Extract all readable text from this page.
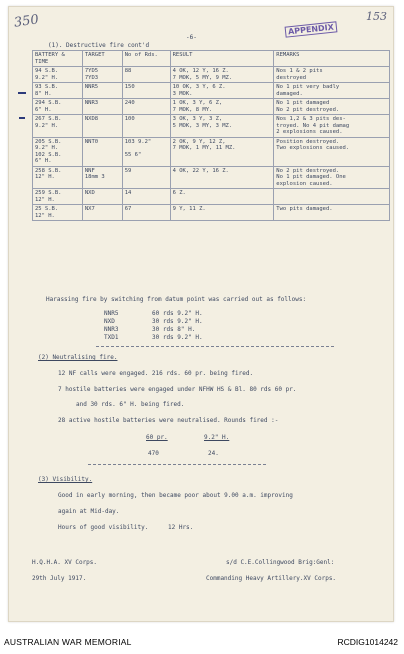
350	153
APPENDIX
(1). Destructive fire cont'd
-6-
BATTERY & TIME	TARGET	No of Rds.	RESULT	REMARKS

94 S.B.
9.2" H.	7YD5
7YD3	88	4 OK, 12 Y, 16 Z.
7 MOK, 5 MY, 9 MZ.	Nos 1 & 2 pits
destroyed

93 S.B.
8" H.	NNR5	150	10 OK, 3 Y, 6 Z.
3 MOK.	No 1 pit very badly
damaged.

294 S.B.
6" H.	NNR3	240	1 OK, 3 Y, 6 Z,
7 MOK, 8 MY.	No 1 pit damaged
No 2 pit destroyed.

267 S.B.
9.2" H.	NXD8	100	3 OK, 3 Y, 3 Z,
5 MOK, 3 MY, 3 MZ.	Nos 1,2 & 3 pits des-
troyed. No 4 pit damag
2 explosions caused.

205 S.B.
9.2" H.
102 S.B.
6" H.	NNT0	103 9.2"

55 6"	2 OK, 9 Y, 12 Z,
7 MOK, 1 MY, 11 MZ.	Position destroyed.
Two explosions caused.

258 S.B.
12" H.	NNF
18mm 3	59	4 OK, 22 Y, 16 Z.	No 2 pit destroyed.
No 1 pit damaged. One
explosion caused.

259 S.B.
12" H.	NXD	14	6 Z.	

25 S.B.
12" H.	NX7	67	9 Y, 11 Z.	Two pits damaged.
Harassing fire by switching from datum point was carried out as follows:
NNR5	60 rds 9.2" H.
NXD	30 rds 9.2" H.
NNR3	30 rds 8" H.
TXD1	30 rds 9.2" H.
(2) Neutralising fire.
12 NF calls were engaged. 216 rds. 60 pr. being fired.
7 hostile batteries were engaged under NFHW HS & Bl. 80 rds 60 pr.
and 30 rds. 6" H. being fired.
28 active hostile batteries were neutralised. Rounds fired :-
60 pr.	9.2" H.
470	24.
(3) Visibility.
Good in early morning, then became poor about 9.00 a.m. improving
again at Mid-day.
Hours of good visibility.	12 Hrs.
H.Q.H.A. XV Corps.
29th July 1917.
s/d C.E.Collingwood Brig:Genl:
Commanding Heavy Artillery.XV Corps.
AUSTRALIAN WAR MEMORIAL	RCDIG1014242
